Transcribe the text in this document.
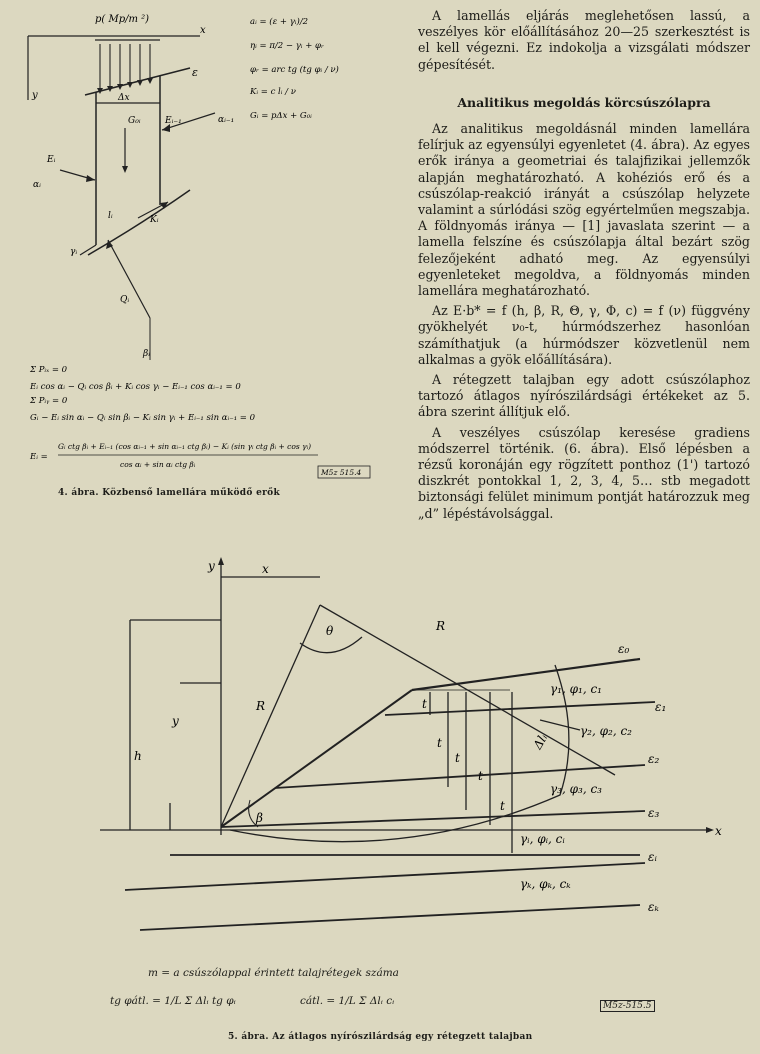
p( Mp/m ²)
x
y
ε
Δx
G₀ᵢ	Eᵢ₋₁	αᵢ₋₁
Eᵢ
αᵢ
lᵢ	Kᵢ
γᵢ
Qᵢ
βᵢ
aᵢ = (ε + γᵢ)/2
ηᵢ = π/2 − γᵢ + φᵣ
φᵣ = arc tg (tg φᵢ / ν)
Kᵢ = c lᵢ / ν
Gᵢ = pΔx + G₀ᵢ
Σ Pᵢₓ = 0
Eᵢ cos αᵢ − Qᵢ cos βᵢ + Kᵢ cos γᵢ − Eᵢ₋₁ cos αᵢ₋₁ = 0
Σ Pᵢᵧ = 0
Gᵢ − Eᵢ sin αᵢ − Qᵢ sin βᵢ − Kᵢ sin γᵢ + Eᵢ₋₁ sin αᵢ₋₁ = 0
Eᵢ =
Gᵢ ctg βᵢ + Eᵢ₋₁ (cos αᵢ₋₁ + sin αᵢ₋₁ ctg βᵢ) − Kᵢ (sin γᵢ ctg βᵢ + cos γᵢ)
cos αᵢ + sin αᵢ ctg βᵢ
M5z 515.4
4. ábra. Közbenső lamellára működő erők

A lamellás eljárás meglehetősen lassú, a veszélyes kör előállításához 20—25 szerkesztést is el kell végezni. Ez indokolja a vizsgálati módszer gépesítését.

Analitikus megoldás körcsúszólapra

Az analitikus megoldásnál minden lamellára felírjuk az egyensúlyi egyenletet (4. ábra). Az egyes erők iránya a geometriai és talajfizikai jellemzők alapján meghatározható. A kohéziós erő és a csúszólap-reakció irányát a csúszólap helyzete valamint a súrlódási szög egyértelműen megszabja. A földnyomás iránya — [1] javaslata szerint — a lamella felszíne és csúszólapja által bezárt szög felezőjeként adható meg. Az egyensúlyi egyenleteket megoldva, a földnyomás minden lamellára meghatározható.

Az E·b* = f (h, β, R, Θ, γ, Φ, c) = f (ν) függvény gyökhelyét ν₀-t, húrmódszerhez hasonlóan számíthatjuk (a húrmódszer közvetlenül nem alkalmas a gyök előállítására).

A rétegzett talajban egy adott csúszólaphoz tartozó átlagos nyírószilárdsági értékeket az 5. ábra szerint állítjuk elő.

A veszélyes csúszólap keresése gradiens módszerrel történik. (6. ábra). Első lépésben a rézsű koronáján egy rögzített ponthoz (1') tartozó diszkrét pontokkal 1, 2, 3, 4, 5… stb megadott biztonsági felület minimum pontját határozzuk meg „d” lépéstávolsággal.

y
x
x
θ
R
R
y
h
β
t
t
t
t
t
Δlᵢ
ε₀
ε₁
ε₂
ε₃
εᵢ
εₖ
γ₁, φ₁, c₁
γ₂, φ₂, c₂
γ₃, φ₃, c₃
γᵢ, φᵢ, cᵢ
γₖ, φₖ, cₖ
m = a csúszólappal érintett talajrétegek száma
tg φátl. = 1/L Σ Δlᵢ tg φᵢ	cátl. = 1/L Σ Δlᵢ cᵢ	M5z-515.5
5. ábra. Az átlagos nyírószilárdság egy rétegzett talajban
